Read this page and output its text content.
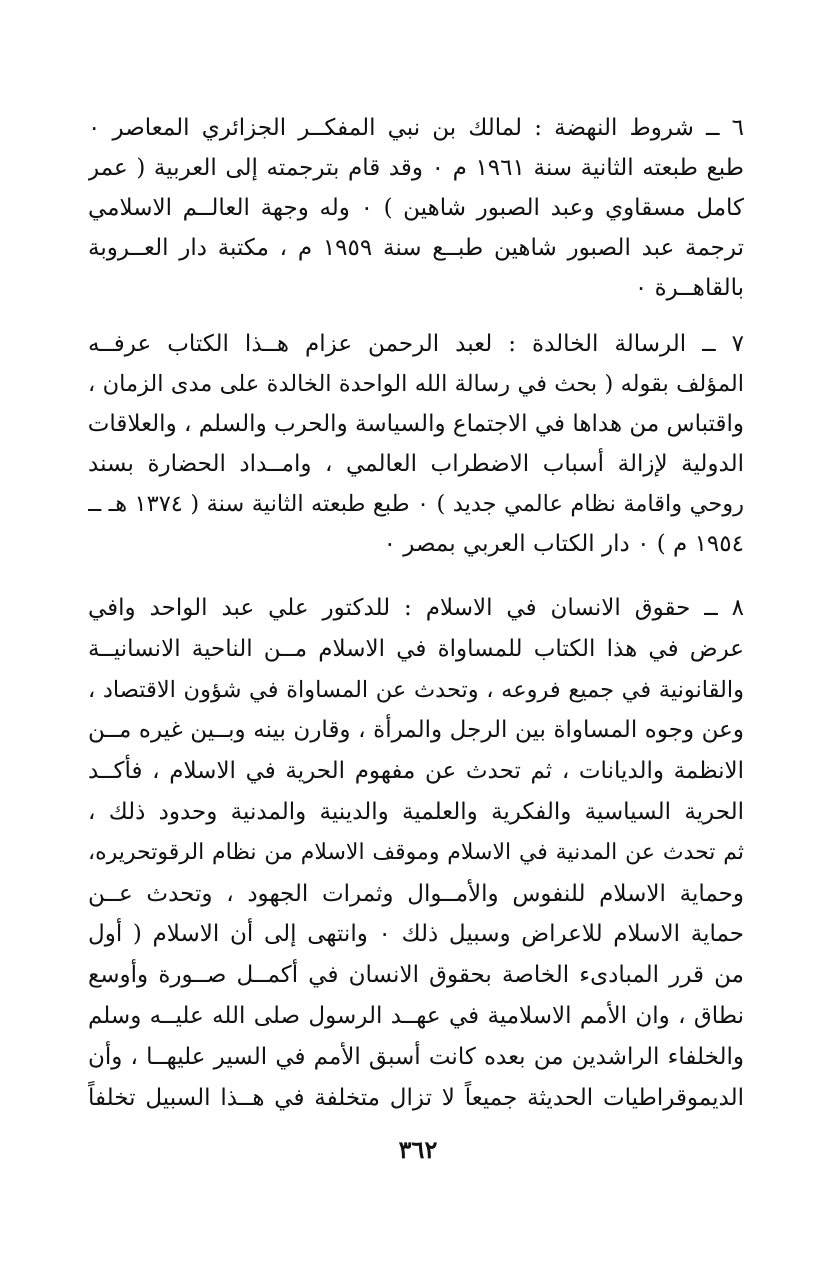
٦ ــ شروط النهضة : لمالك بن نبي المفكــر الجزائري المعاصر ٠
طبع طبعته الثانية سنة ١٩٦١ م ٠ وقد قام بترجمته إلى العربية ( عمر
كامل مسقاوي وعبد الصبور شاهين ) ٠ وله وجهة العالــم الاسلامي
ترجمة عبد الصبور شاهين طبــع سنة ١٩٥٩ م ، مكتبة دار العــروبة
بالقاهــرة ٠
٧ ــ الرسالة الخالدة : لعبد الرحمن عزام هــذا الكتاب عرفــه
المؤلف بقوله ( بحث في رسالة الله الواحدة الخالدة على مدى الزمان ،
واقتباس من هداها في الاجتماع والسياسة والحرب والسلم ، والعلاقات
الدولية لإزالة أسباب الاضطراب العالمي ، وامــداد الحضارة بسند
روحي واقامة نظام عالمي جديد ) ٠ طبع طبعته الثانية سنة ( ١٣٧٤ هـ ــ
١٩٥٤ م ) ٠ دار الكتاب العربي بمصر ٠
٨ ــ حقوق الانسان في الاسلام : للدكتور علي عبد الواحد وافي
عرض في هذا الكتاب للمساواة في الاسلام مــن الناحية الانسانيــة
والقانونية في جميع فروعه ، وتحدث عن المساواة في شؤون الاقتصاد ،
وعن وجوه المساواة بين الرجل والمرأة ، وقارن بينه وبــين غيره مــن
الانظمة والديانات ، ثم تحدث عن مفهوم الحرية في الاسلام ، فأكــد
الحرية السياسية والفكرية والعلمية والدينية والمدنية وحدود ذلك ،
ثم تحدث عن المدنية في الاسلام وموقف الاسلام من نظام الرقوتحريره،
وحماية الاسلام للنفوس والأمــوال وثمرات الجهود ، وتحدث عــن
حماية الاسلام للاعراض وسبيل ذلك ٠ وانتهى إلى أن الاسلام ( أول
من قرر المبادىء الخاصة بحقوق الانسان في أكمــل صــورة وأوسع
نطاق ، وان الأمم الاسلامية في عهــد الرسول صلى الله عليــه وسلم
والخلفاء الراشدين من بعده كانت أسبق الأمم في السير عليهــا ، وأن
الديموقراطيات الحديثة جميعاً لا تزال متخلفة في هــذا السبيل تخلفاً
٣٦٢
